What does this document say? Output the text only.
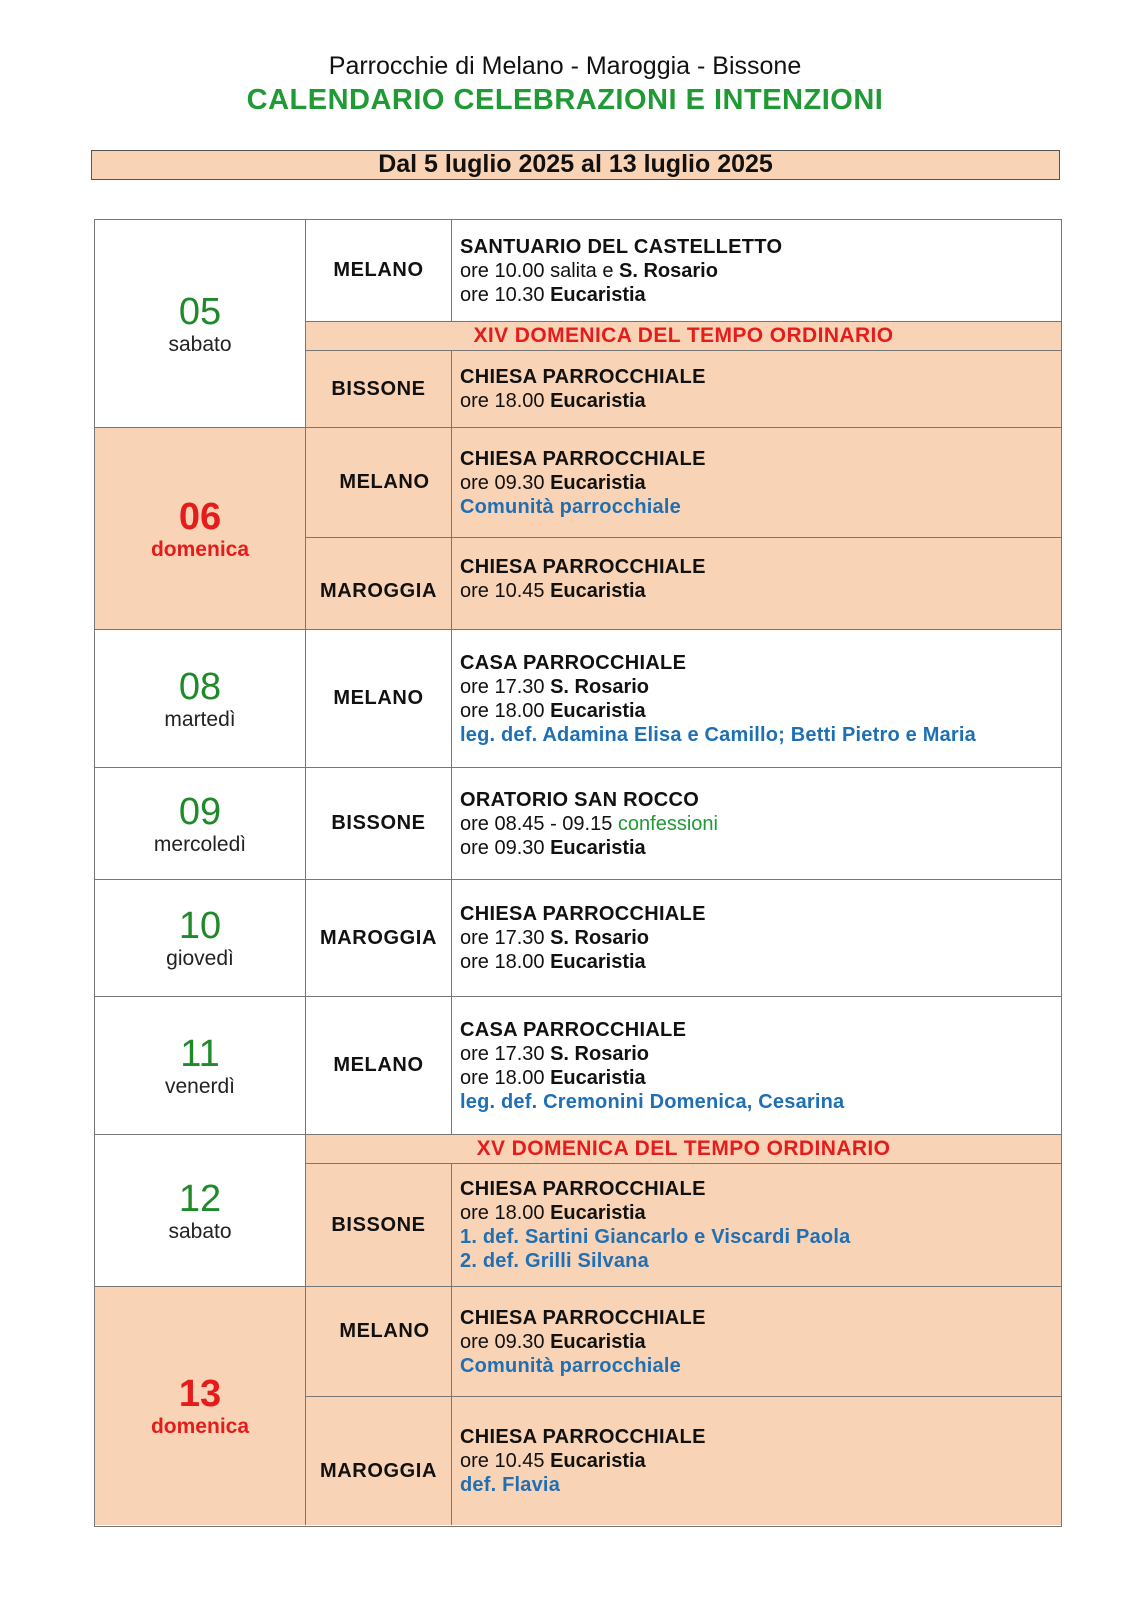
Parrocchie di Melano - Maroggia - Bissone
CALENDARIO CELEBRAZIONI E INTENZIONI
Dal 5 luglio 2025 al 13 luglio 2025
05
sabato
06
domenica
08
martedì
09
mercoledì
10
giovedì
11
venerdì
12
sabato
13
domenica
MELANO
SANTUARIO DEL CASTELLETTO
ore 10.00 salita e S. Rosario
ore 10.30 Eucaristia
XIV DOMENICA DEL TEMPO ORDINARIO
BISSONE
CHIESA PARROCCHIALE
ore 18.00 Eucaristia
MELANO
CHIESA PARROCCHIALE
ore 09.30 Eucaristia
Comunità parrocchiale
MAROGGIA
CHIESA PARROCCHIALE
ore 10.45 Eucaristia
MELANO
CASA PARROCCHIALE
ore 17.30 S. Rosario
ore 18.00 Eucaristia
leg. def. Adamina Elisa e Camillo; Betti Pietro e Maria
BISSONE
ORATORIO SAN ROCCO
ore 08.45 - 09.15 confessioni
ore 09.30 Eucaristia
MAROGGIA
CHIESA PARROCCHIALE
ore 17.30 S. Rosario
ore 18.00 Eucaristia
MELANO
CASA PARROCCHIALE
ore 17.30 S. Rosario
ore 18.00 Eucaristia
leg. def. Cremonini Domenica, Cesarina
XV DOMENICA DEL TEMPO ORDINARIO
BISSONE
CHIESA PARROCCHIALE
ore 18.00 Eucaristia
1. def. Sartini Giancarlo e Viscardi Paola
2. def. Grilli Silvana
MELANO
CHIESA PARROCCHIALE
ore 09.30 Eucaristia
Comunità parrocchiale
MAROGGIA
CHIESA PARROCCHIALE
ore 10.45 Eucaristia
def. Flavia
